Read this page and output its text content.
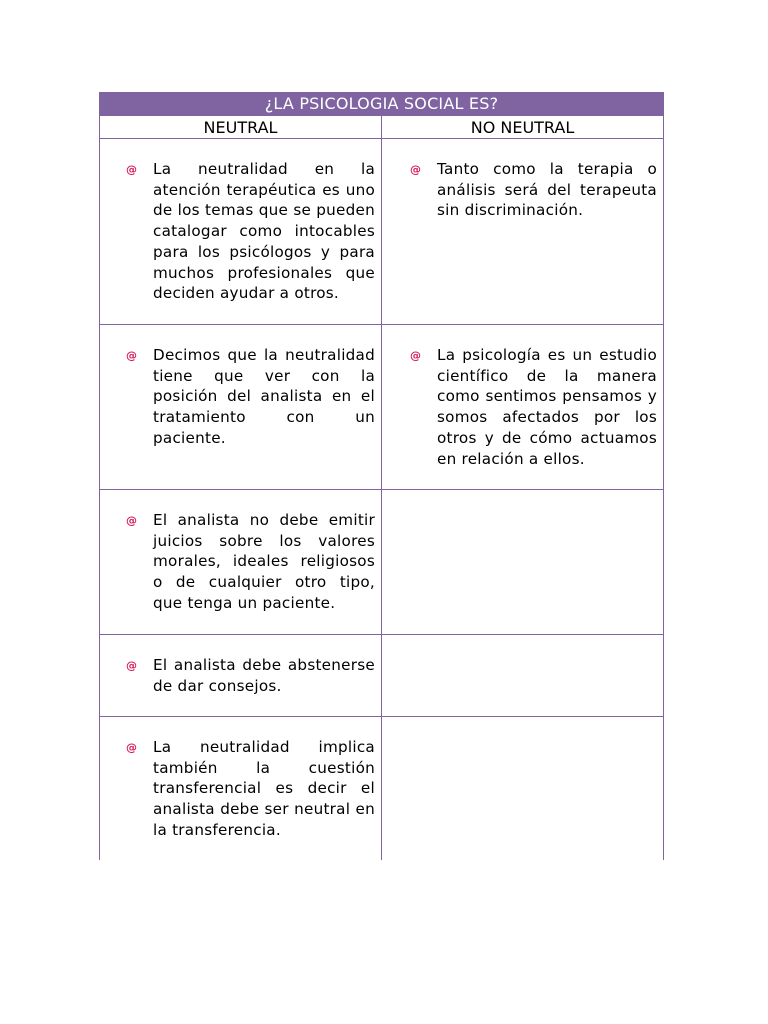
¿LA PSICOLOGIA SOCIAL ES?	
NEUTRAL	NO NEUTRAL

@ La neutralidad en la atención terapéutica es uno de los temas que se pueden catalogar como intocables para los psicólogos y para muchos profesionales que deciden ayudar a otros.	@ Tanto como la terapia o análisis será del terapeuta sin discriminación.

@ Decimos que la neutralidad tiene que ver con la posición del analista en el tratamiento con un paciente.	@ La psicología es un estudio científico de la manera como sentimos pensamos y somos afectados por los otros y de cómo actuamos en relación a ellos.

@ El analista no debe emitir juicios sobre los valores morales, ideales religiosos o de cualquier otro tipo, que tenga un paciente.	

@ El analista debe abstenerse de dar consejos.	

@ La neutralidad implica también la cuestión transferencial es decir el analista debe ser neutral en la transferencia.	
